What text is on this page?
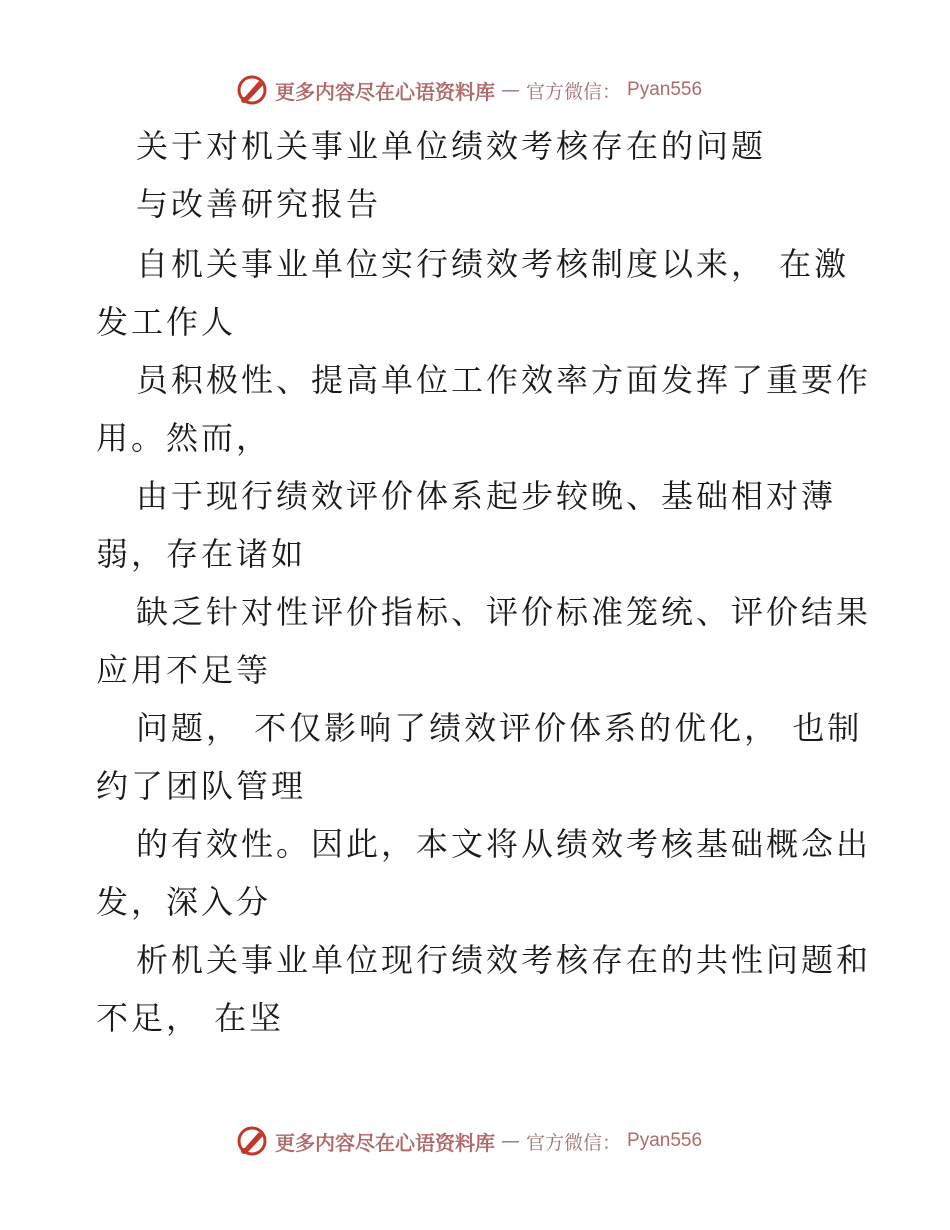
更多内容尽在心语资料库 — 官方微信： Pyan556
关于对机关事业单位绩效考核存在的问题
与改善研究报告
自机关事业单位实行绩效考核制度以来， 在激
发工作人
员积极性、提高单位工作效率方面发挥了重要作
用。然而，
由于现行绩效评价体系起步较晚、基础相对薄
弱，存在诸如
缺乏针对性评价指标、评价标准笼统、评价结果
应用不足等
问题， 不仅影响了绩效评价体系的优化， 也制
约了团队管理
的有效性。因此，本文将从绩效考核基础概念出
发，深入分
析机关事业单位现行绩效考核存在的共性问题和
不足， 在坚
更多内容尽在心语资料库 — 官方微信： Pyan556
